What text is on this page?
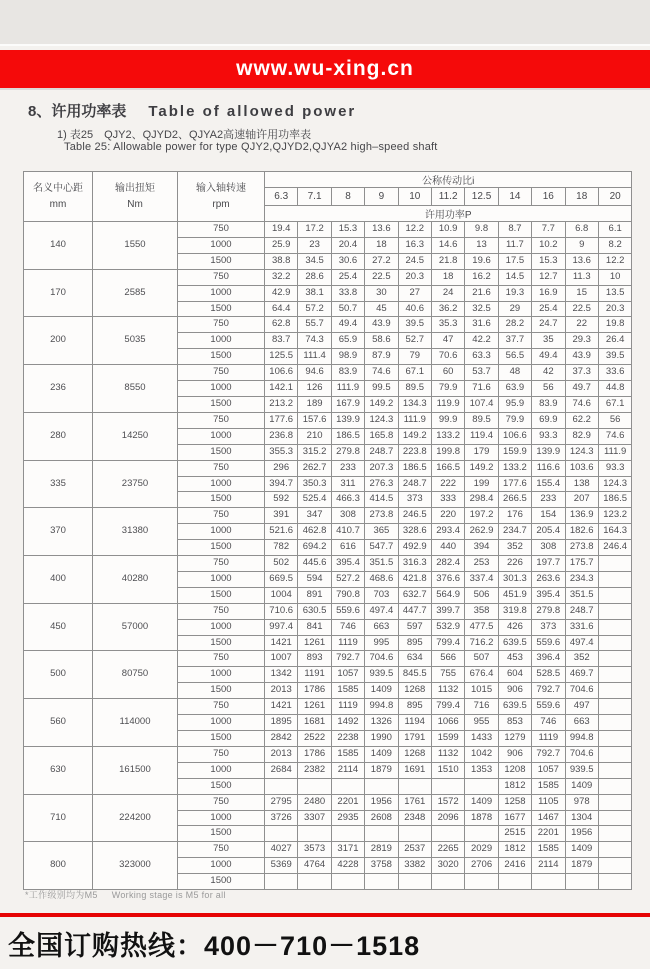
www.wu-xing.cn
8、许用功率表 Table of allowed power
1) 表25　QJY2、QJYD2、QJYA2高速轴许用功率表
Table 25: Allowable power for type QJY2,QJYD2,QJYA2 high–speed shaft
名义中心距
mm

输出扭矩
Nm

输入轴转速
rpm
	公称传动比i
			6.3	7.1	8	9	10	11.2	12.5	14	16	18	20
			许用功率P										
140	1550	750	19.4	17.2	15.3	13.6	12.2	10.9	9.8	8.7	7.7	6.8	6.1
		1000	25.9	23	20.4	18	16.3	14.6	13	11.7	10.2	9	8.2
		1500	38.8	34.5	30.6	27.2	24.5	21.8	19.6	17.5	15.3	13.6	12.2
170	2585	750	32.2	28.6	25.4	22.5	20.3	18	16.2	14.5	12.7	11.3	10
		1000	42.9	38.1	33.8	30	27	24	21.6	19.3	16.9	15	13.5
		1500	64.4	57.2	50.7	45	40.6	36.2	32.5	29	25.4	22.5	20.3
200	5035	750	62.8	55.7	49.4	43.9	39.5	35.3	31.6	28.2	24.7	22	19.8
		1000	83.7	74.3	65.9	58.6	52.7	47	42.2	37.7	35	29.3	26.4
		1500	125.5	111.4	98.9	87.9	79	70.6	63.3	56.5	49.4	43.9	39.5
236	8550	750	106.6	94.6	83.9	74.6	67.1	60	53.7	48	42	37.3	33.6
		1000	142.1	126	111.9	99.5	89.5	79.9	71.6	63.9	56	49.7	44.8
		1500	213.2	189	167.9	149.2	134.3	119.9	107.4	95.9	83.9	74.6	67.1
280	14250	750	177.6	157.6	139.9	124.3	111.9	99.9	89.5	79.9	69.9	62.2	56
		1000	236.8	210	186.5	165.8	149.2	133.2	119.4	106.6	93.3	82.9	74.6
		1500	355.3	315.2	279.8	248.7	223.8	199.8	179	159.9	139.9	124.3	111.9
335	23750	750	296	262.7	233	207.3	186.5	166.5	149.2	133.2	116.6	103.6	93.3
		1000	394.7	350.3	311	276.3	248.7	222	199	177.6	155.4	138	124.3
		1500	592	525.4	466.3	414.5	373	333	298.4	266.5	233	207	186.5
370	31380	750	391	347	308	273.8	246.5	220	197.2	176	154	136.9	123.2
		1000	521.6	462.8	410.7	365	328.6	293.4	262.9	234.7	205.4	182.6	164.3
		1500	782	694.2	616	547.7	492.9	440	394	352	308	273.8	246.4
400	40280	750	502	445.6	395.4	351.5	316.3	282.4	253	226	197.7	175.7	
		1000	669.5	594	527.2	468.6	421.8	376.6	337.4	301.3	263.6	234.3	
		1500	1004	891	790.8	703	632.7	564.9	506	451.9	395.4	351.5	
450	57000	750	710.6	630.5	559.6	497.4	447.7	399.7	358	319.8	279.8	248.7	
		1000	997.4	841	746	663	597	532.9	477.5	426	373	331.6	
		1500	1421	1261	1119	995	895	799.4	716.2	639.5	559.6	497.4	
500	80750	750	1007	893	792.7	704.6	634	566	507	453	396.4	352	
		1000	1342	1191	1057	939.5	845.5	755	676.4	604	528.5	469.7	
		1500	2013	1786	1585	1409	1268	1132	1015	906	792.7	704.6	
560	114000	750	1421	1261	1119	994.8	895	799.4	716	639.5	559.6	497	
		1000	1895	1681	1492	1326	1194	1066	955	853	746	663	
		1500	2842	2522	2238	1990	1791	1599	1433	1279	1119	994.8	
630	161500	750	2013	1786	1585	1409	1268	1132	1042	906	792.7	704.6	
		1000	2684	2382	2114	1879	1691	1510	1353	1208	1057	939.5	
		1500								1812	1585	1409	
710	224200	750	2795	2480	2201	1956	1761	1572	1409	1258	1105	978	
		1000	3726	3307	2935	2608	2348	2096	1878	1677	1467	1304	
		1500								2515	2201	1956	
800	323000	750	4027	3573	3171	2819	2537	2265	2029	1812	1585	1409	
		1000	5369	4764	4228	3758	3382	3020	2706	2416	2114	1879	
		1500											
*工作级别均为M5 Working stage is M5 for all
全国订购热线：400－710－1518
